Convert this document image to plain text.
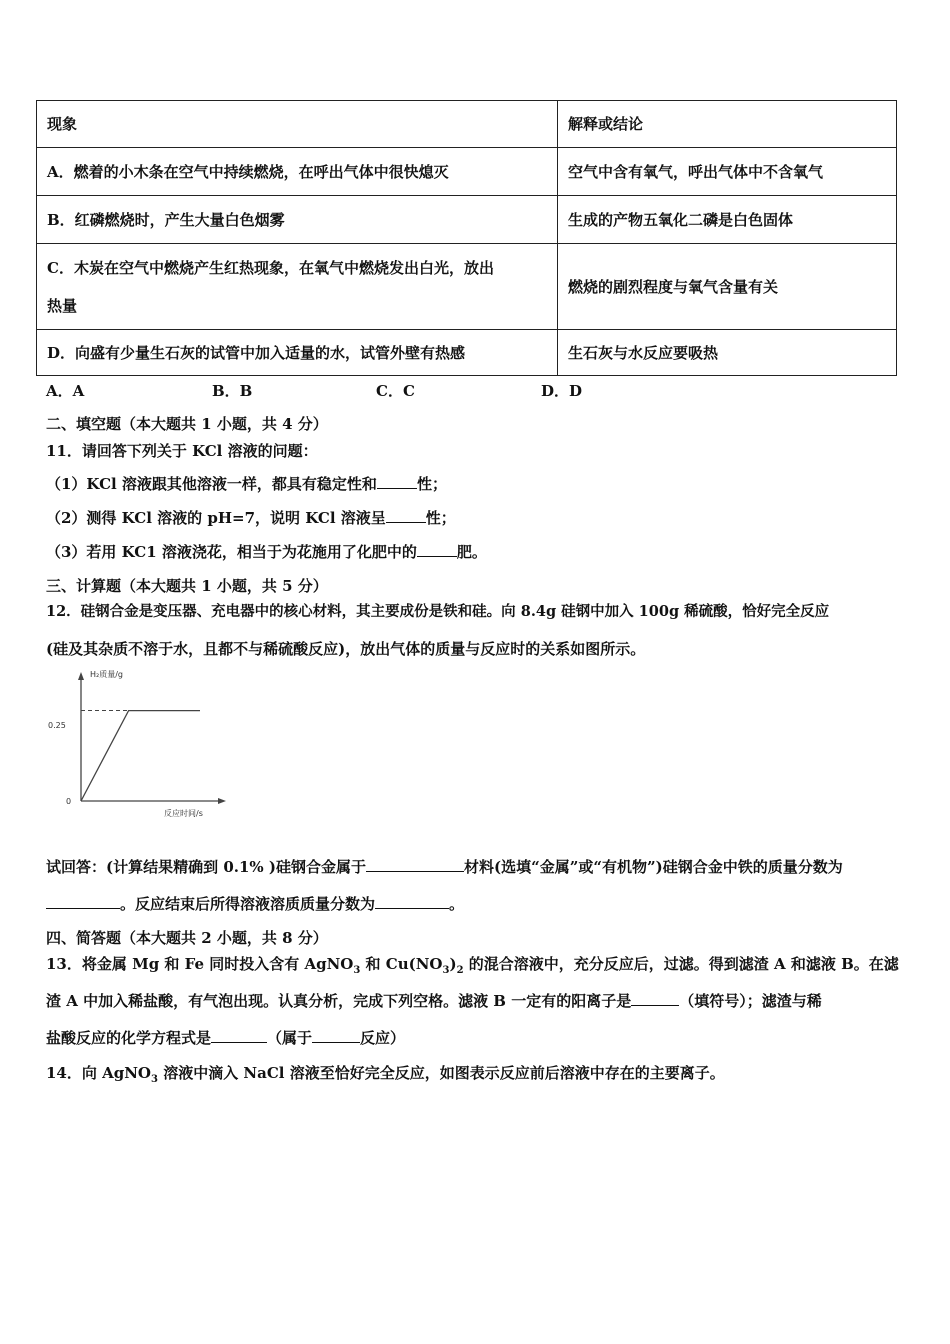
现象	解释或结论
A．燃着的小木条在空气中持续燃烧，在呼出气体中很快熄灭	空气中含有氧气，呼出气体中不含氧气
B．红磷燃烧时，产生大量白色烟雾	生成的产物五氧化二磷是白色固体

C．木炭在空气中燃烧产生红热现象，在氧气中燃烧发出白光，放出
热量	燃烧的剧烈程度与氧气含量有关
D．向盛有少量生石灰的试管中加入适量的水，试管外壁有热感	生石灰与水反应要吸热
A．A	B．B	C．C	D．D
二、填空题（本大题共 1 小题，共 4 分）
11．请回答下列关于 KCl 溶液的问题：
（1）KCl 溶液跟其他溶液一样，都具有稳定性和	性；
（2）测得 KCl 溶液的 pH=7，说明 KCl 溶液呈	性；
（3）若用 KC1 溶液浇花，相当于为花施用了化肥中的	肥。
三、计算题（本大题共 1 小题，共 5 分）
12．硅钢合金是变压器、充电器中的核心材料，其主要成份是铁和硅。向 8.4g 硅钢中加入 100g 稀硫酸，恰好完全反应
(硅及其杂质不溶于水，且都不与稀硫酸反应)，放出气体的质量与反应时的关系如图所示。
H₂质量/g
反应时间/s
0
0.25
试回答：(计算结果精确到 0.1% )硅钢合金属于	材料(选填“金属”或“有机物”)硅钢合金中铁的质量分数为
。反应结束后所得溶液溶质质量分数为	。
四、简答题（本大题共 2 小题，共 8 分）
13．将金属 Mg 和 Fe 同时投入含有 AgNO$_3$ 和 $Cu(NO_3)_2$ 的混合溶液中，充分反应后，过滤。得到滤渣 A 和滤液 B。在滤
渣 A 中加入稀盐酸，有气泡出现。认真分析，完成下列空格。滤液 B 一定有的阳离子是	（填符号）；滤渣与稀
盐酸反应的化学方程式是	（属于	反应）
14．向 AgNO$_3$ 溶液中滴入 NaCl 溶液至恰好完全反应，如图表示反应前后溶液中存在的主要离子。
